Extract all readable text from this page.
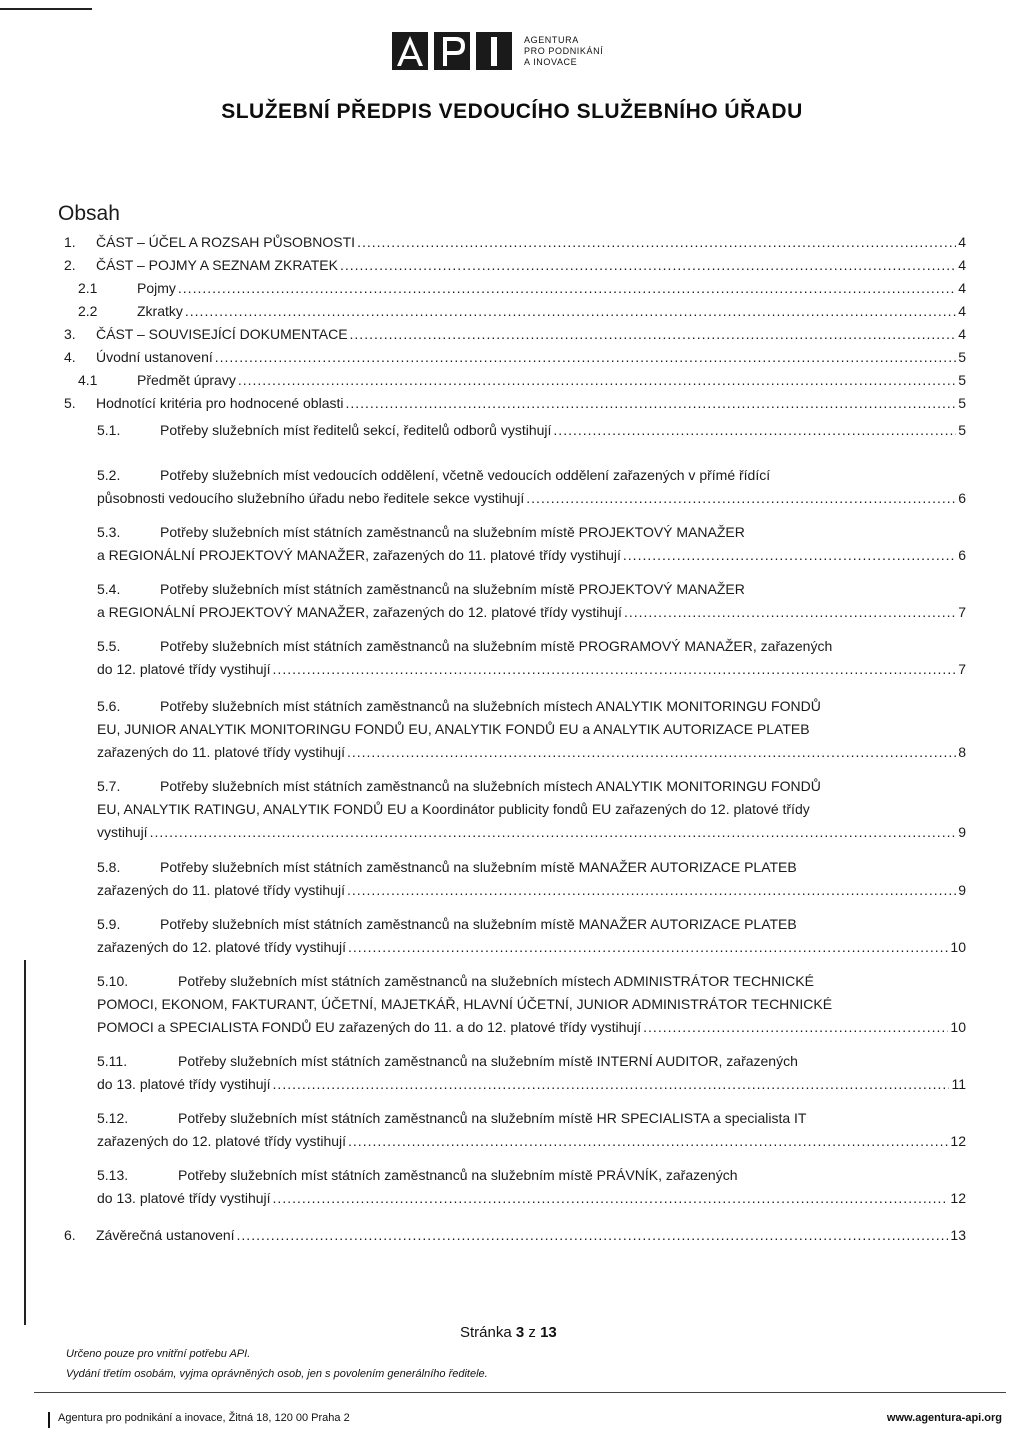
AGENTURA
PRO PODNIKÁNÍ
A INOVACE
SLUŽEBNÍ PŘEDPIS VEDOUCÍHO SLUŽEBNÍHO ÚŘADU
Obsah
1. ČÁST – ÚČEL A ROZSAH PŮSOBNOSTI .....	4
2. ČÁST – POJMY A SEZNAM ZKRATEK .....	4
2.1	Pojmy .....	4
2.2	Zkratky .....	4
3. ČÁST – SOUVISEJÍCÍ DOKUMENTACE .....	4
4. Úvodní ustanovení .....	5
4.1	Předmět úpravy .....	5
5. Hodnotící kritéria pro hodnocené oblasti .....	5
5.1.	Potřeby služebních míst ředitelů sekcí, ředitelů odborů vystihují .....	5
5.2.	Potřeby služebních míst vedoucích oddělení, včetně vedoucích oddělení zařazených v přímé řídící
působnosti vedoucího služebního úřadu nebo ředitele sekce vystihují .....	6
5.3.	Potřeby služebních míst státních zaměstnanců na služebním místě PROJEKTOVÝ MANAŽER
a REGIONÁLNÍ PROJEKTOVÝ MANAŽER, zařazených do 11. platové třídy vystihují .....	6
5.4.	Potřeby služebních míst státních zaměstnanců na služebním místě PROJEKTOVÝ MANAŽER
a REGIONÁLNÍ PROJEKTOVÝ MANAŽER, zařazených do 12. platové třídy vystihují .....	7
5.5.	Potřeby služebních míst státních zaměstnanců na služebním místě PROGRAMOVÝ MANAŽER, zařazených
do 12. platové třídy vystihují .....	7
5.6.	Potřeby služebních míst státních zaměstnanců na služebních místech ANALYTIK MONITORINGU FONDŮ
EU, JUNIOR ANALYTIK MONITORINGU FONDŮ EU, ANALYTIK FONDŮ EU a ANALYTIK AUTORIZACE PLATEB
zařazených do 11. platové třídy vystihují .....	8
5.7.	Potřeby služebních míst státních zaměstnanců na služebních místech ANALYTIK MONITORINGU FONDŮ
EU, ANALYTIK RATINGU, ANALYTIK FONDŮ EU a Koordinátor publicity fondů EU zařazených do 12. platové třídy
vystihují .....	9
5.8.	Potřeby služebních míst státních zaměstnanců na služebním místě MANAŽER AUTORIZACE PLATEB
zařazených do 11. platové třídy vystihují .....	9
5.9.	Potřeby služebních míst státních zaměstnanců na služebním místě MANAŽER AUTORIZACE PLATEB
zařazených do 12. platové třídy vystihují .....	10
5.10.	Potřeby služebních míst státních zaměstnanců na služebních místech ADMINISTRÁTOR TECHNICKÉ
POMOCI, EKONOM, FAKTURANT, ÚČETNÍ, MAJETKÁŘ, HLAVNÍ ÚČETNÍ, JUNIOR ADMINISTRÁTOR TECHNICKÉ
POMOCI a SPECIALISTA FONDŮ EU zařazených do 11. a do 12. platové třídy vystihují .....	10
5.11.	Potřeby služebních míst státních zaměstnanců na služebním místě INTERNÍ AUDITOR, zařazených
do 13. platové třídy vystihují .....	11
5.12.	Potřeby služebních míst státních zaměstnanců na služebním místě HR SPECIALISTA a specialista IT
zařazených do 12. platové třídy vystihují .....	12
5.13.	Potřeby služebních míst státních zaměstnanců na služebním místě PRÁVNÍK, zařazených
do 13. platové třídy vystihují .....	12
6. Závěrečná ustanovení .....	13
Stránka 3 z 13
Určeno pouze pro vnitřní potřebu API.
Vydání třetím osobám, vyjma oprávněných osob, jen s povolením generálního ředitele.
Agentura pro podnikání a inovace, Žitná 18, 120 00 Praha 2	www.agentura-api.org
